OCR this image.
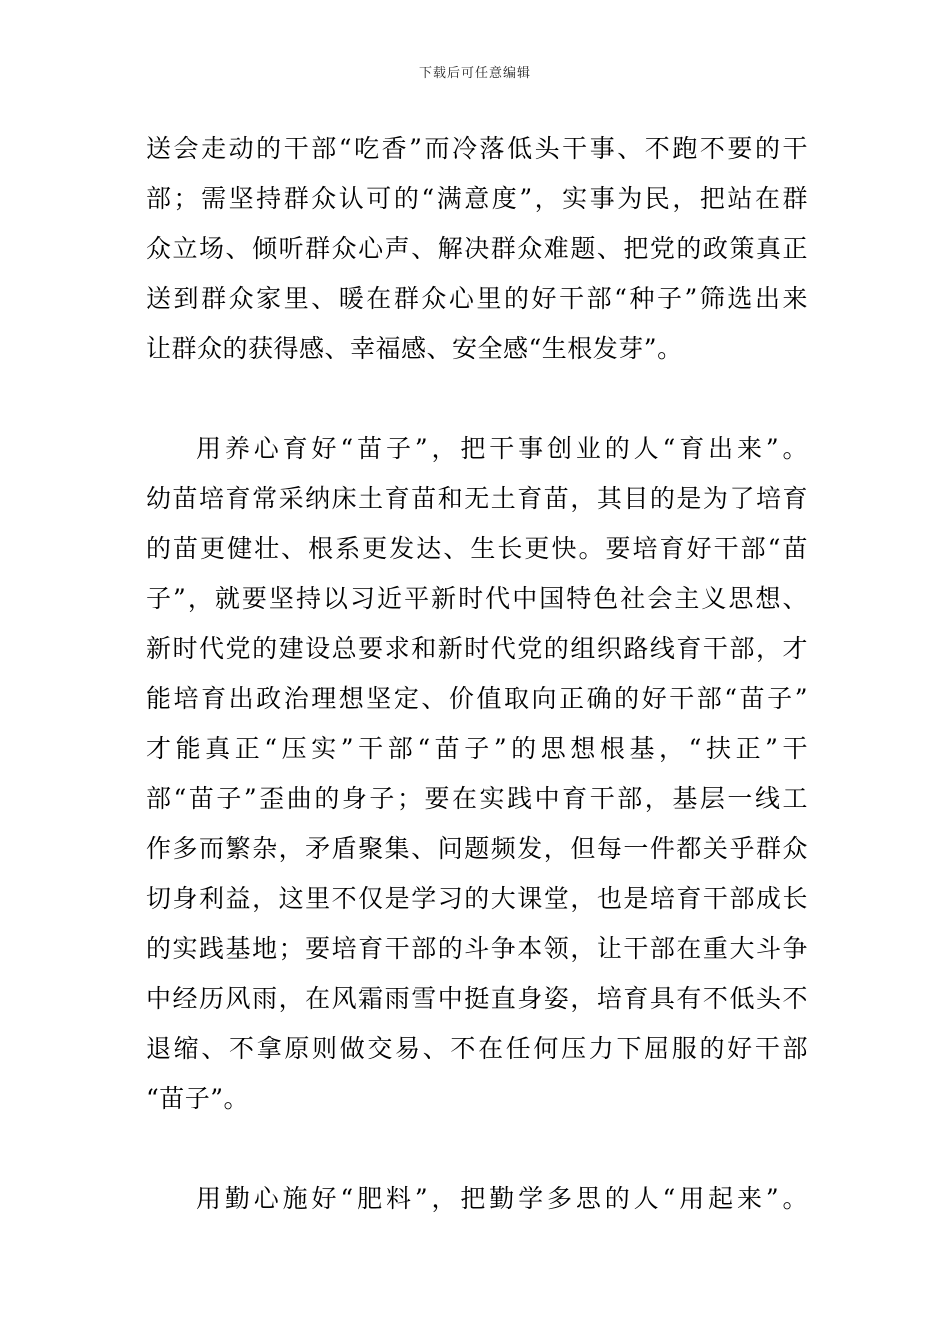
下载后可任意编辑
送会走动的干部“吃香”而冷落低头干事、不跑不要的干
部；需坚持群众认可的“满意度”，实事为民，把站在群
众立场、倾听群众心声、解决群众难题、把党的政策真正
送到群众家里、暖在群众心里的好干部“种子”筛选出来
让群众的获得感、幸福感、安全感“生根发芽”。
用养心育好“苗子”，把干事创业的人“育出来”。
幼苗培育常采纳床土育苗和无土育苗，其目的是为了培育
的苗更健壮、根系更发达、生长更快。要培育好干部“苗
子”，就要坚持以习近平新时代中国特色社会主义思想、
新时代党的建设总要求和新时代党的组织路线育干部，才
能培育出政治理想坚定、价值取向正确的好干部“苗子”
才能真正“压实”干部“苗子”的思想根基，“扶正”干
部“苗子”歪曲的身子；要在实践中育干部，基层一线工
作多而繁杂，矛盾聚集、问题频发，但每一件都关乎群众
切身利益，这里不仅是学习的大课堂，也是培育干部成长
的实践基地；要培育干部的斗争本领，让干部在重大斗争
中经历风雨，在风霜雨雪中挺直身姿，培育具有不低头不
退缩、不拿原则做交易、不在任何压力下屈服的好干部
“苗子”。
用勤心施好“肥料”，把勤学多思的人“用起来”。
